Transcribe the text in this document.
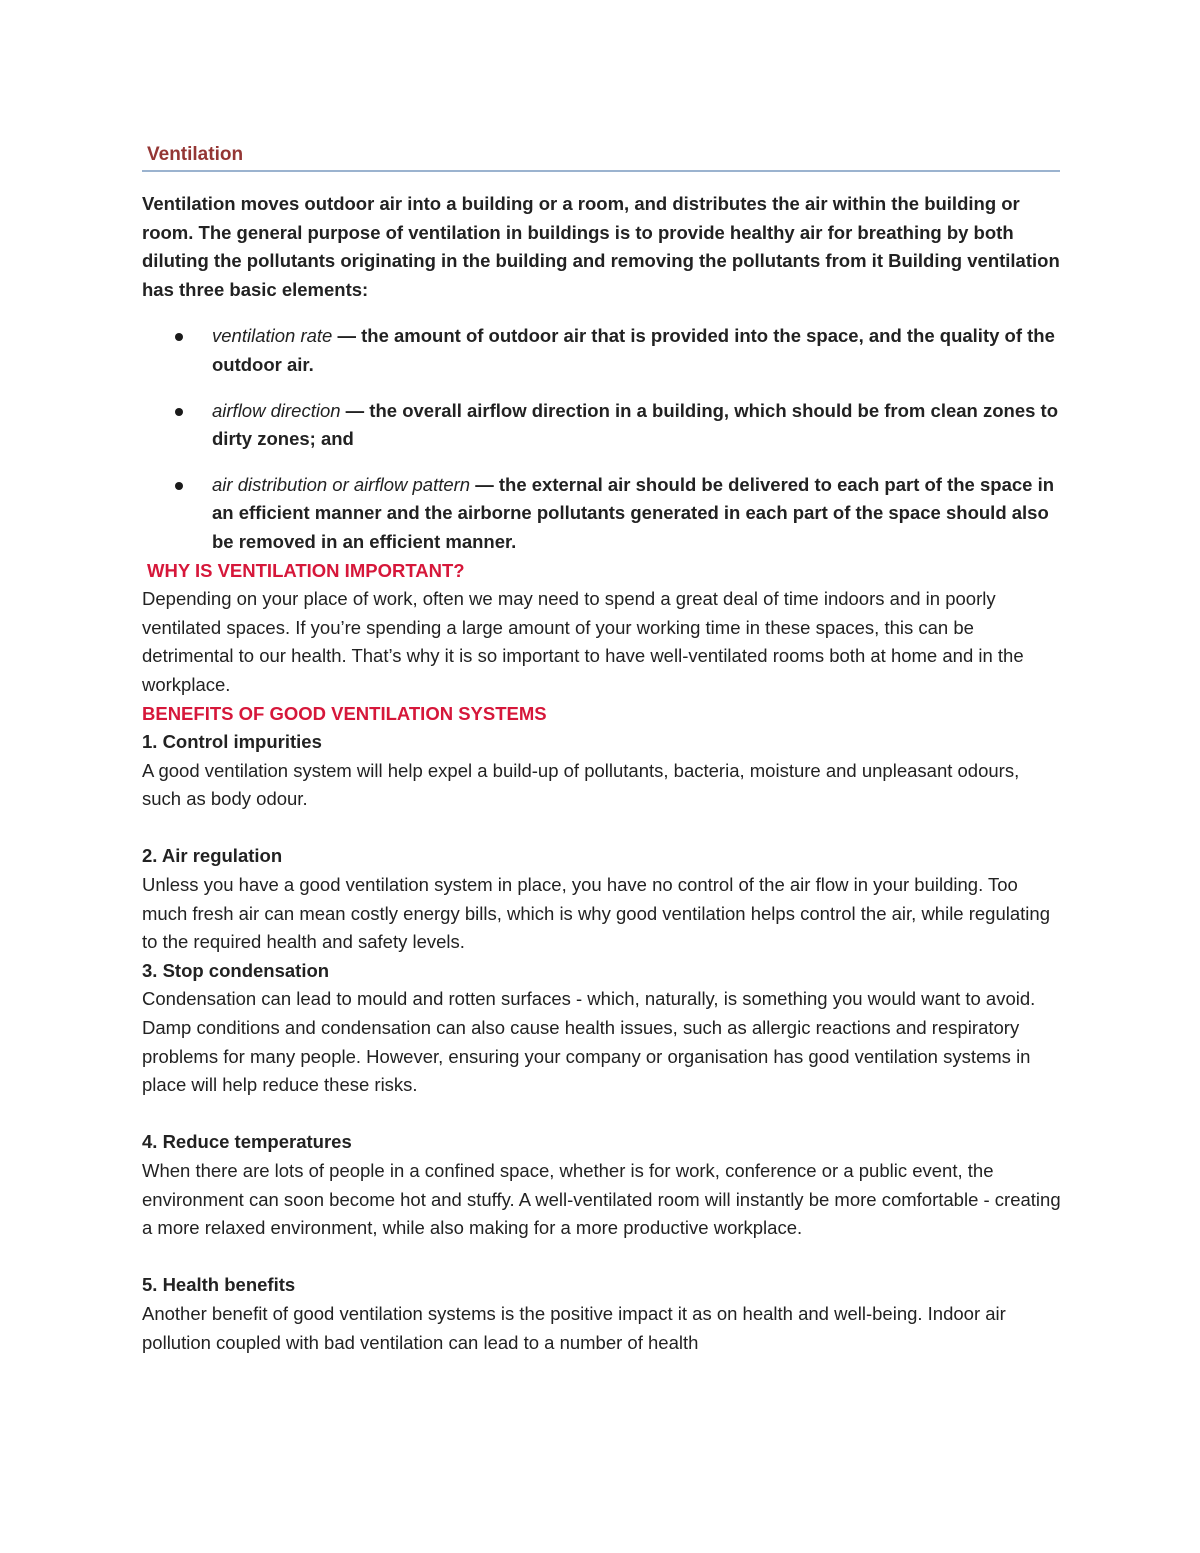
Ventilation

Ventilation moves outdoor air into a building or a room, and distributes the air within the building or room. The general purpose of ventilation in buildings is to provide healthy air for breathing by both diluting the pollutants originating in the building and removing the pollutants from it Building ventilation has three basic elements:

ventilation rate — the amount of outdoor air that is provided into the space, and the quality of the outdoor air.
airflow direction — the overall airflow direction in a building, which should be from clean zones to dirty zones; and
air distribution or airflow pattern — the external air should be delivered to each part of the space in an efficient manner and the airborne pollutants generated in each part of the space should also be removed in an efficient manner.

WHY IS VENTILATION IMPORTANT?

Depending on your place of work, often we may need to spend a great deal of time indoors and in poorly ventilated spaces. If you’re spending a large amount of your working time in these spaces, this can be detrimental to our health. That’s why it is so important to have well-ventilated rooms both at home and in the workplace.

BENEFITS OF GOOD VENTILATION SYSTEMS

1. Control impurities

A good ventilation system will help expel a build-up of pollutants, bacteria, moisture and unpleasant odours, such as body odour.

2. Air regulation

Unless you have a good ventilation system in place, you have no control of the air flow in your building. Too much fresh air can mean costly energy bills, which is why good ventilation helps control the air, while regulating to the required health and safety levels.

3. Stop condensation

Condensation can lead to mould and rotten surfaces - which, naturally, is something you would want to avoid. Damp conditions and condensation can also cause health issues, such as allergic reactions and respiratory problems for many people. However, ensuring your company or organisation has good ventilation systems in place will help reduce these risks.

4. Reduce temperatures

When there are lots of people in a confined space, whether is for work, conference or a public event, the environment can soon become hot and stuffy. A well-ventilated room will instantly be more comfortable - creating a more relaxed environment, while also making for a more productive workplace.

5. Health benefits

Another benefit of good ventilation systems is the positive impact it as on health and well-being. Indoor air pollution coupled with bad ventilation can lead to a number of health
